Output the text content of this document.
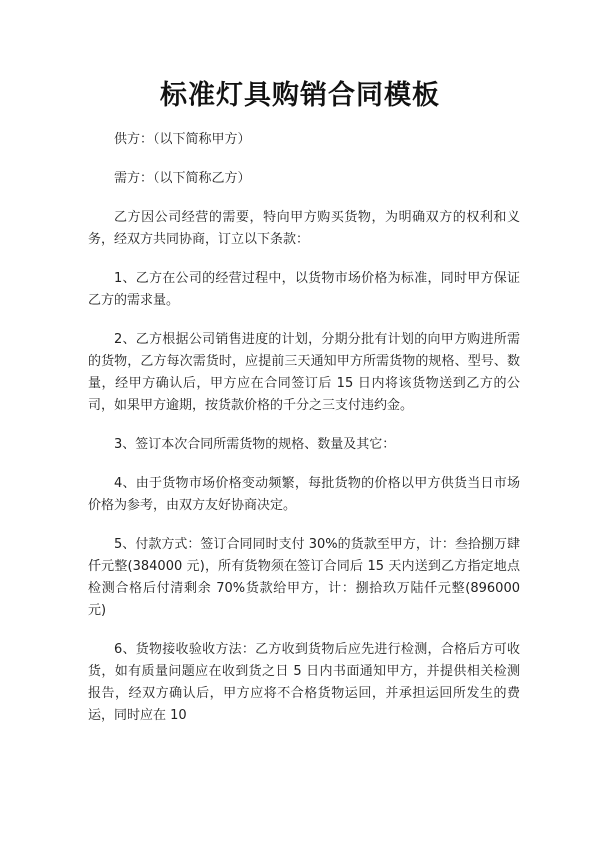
标准灯具购销合同模板

供方：（以下简称甲方）

需方：（以下简称乙方）

乙方因公司经营的需要，特向甲方购买货物，为明确双方的权利和义务，经双方共同协商，订立以下条款：

1、乙方在公司的经营过程中，以货物市场价格为标准，同时甲方保证乙方的需求量。

2、乙方根据公司销售进度的计划，分期分批有计划的向甲方购进所需的货物，乙方每次需货时，应提前三天通知甲方所需货物的规格、型号、数量，经甲方确认后，甲方应在合同签订后 15 日内将该货物送到乙方的公司，如果甲方逾期，按货款价格的千分之三支付违约金。

3、签订本次合同所需货物的规格、数量及其它：

4、由于货物市场价格变动频繁，每批货物的价格以甲方供货当日市场价格为参考，由双方友好协商决定。

5、付款方式：签订合同同时支付 30%的货款至甲方，计：叁拾捌万肆仟元整(384000 元)，所有货物须在签订合同后 15 天内送到乙方指定地点检测合格后付清剩余 70%货款给甲方，计：捌拾玖万陆仟元整(896000 元)

6、货物接收验收方法：乙方收到货物后应先进行检测，合格后方可收货，如有质量问题应在收到货之日 5 日内书面通知甲方，并提供相关检测报告，经双方确认后，甲方应将不合格货物运回，并承担运回所发生的费运，同时应在 10
